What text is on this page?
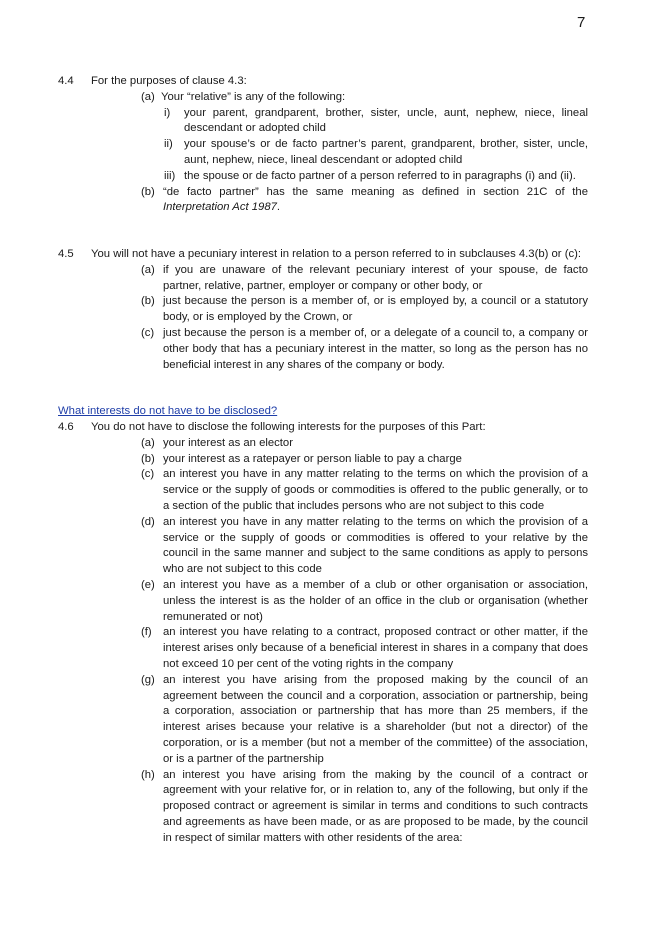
7
4.4	For the purposes of clause 4.3:
(a) Your “relative” is any of the following:
i) your parent, grandparent, brother, sister, uncle, aunt, nephew, niece, lineal descendant or adopted child
ii) your spouse’s or de facto partner’s parent, grandparent, brother, sister, uncle, aunt, nephew, niece, lineal descendant or adopted child
iii) the spouse or de facto partner of a person referred to in paragraphs (i) and (ii).
(b) “de facto partner” has the same meaning as defined in section 21C of the Interpretation Act 1987.
4.5	You will not have a pecuniary interest in relation to a person referred to in subclauses 4.3(b) or (c):
(a) if you are unaware of the relevant pecuniary interest of your spouse, de facto partner, relative, partner, employer or company or other body, or
(b) just because the person is a member of, or is employed by, a council or a statutory body, or is employed by the Crown, or
(c) just because the person is a member of, or a delegate of a council to, a company or other body that has a pecuniary interest in the matter, so long as the person has no beneficial interest in any shares of the company or body.
What interests do not have to be disclosed?
4.6	You do not have to disclose the following interests for the purposes of this Part:
(a) your interest as an elector
(b) your interest as a ratepayer or person liable to pay a charge
(c) an interest you have in any matter relating to the terms on which the provision of a service or the supply of goods or commodities is offered to the public generally, or to a section of the public that includes persons who are not subject to this code
(d) an interest you have in any matter relating to the terms on which the provision of a service or the supply of goods or commodities is offered to your relative by the council in the same manner and subject to the same conditions as apply to persons who are not subject to this code
(e) an interest you have as a member of a club or other organisation or association, unless the interest is as the holder of an office in the club or organisation (whether remunerated or not)
(f) an interest you have relating to a contract, proposed contract or other matter, if the interest arises only because of a beneficial interest in shares in a company that does not exceed 10 per cent of the voting rights in the company
(g) an interest you have arising from the proposed making by the council of an agreement between the council and a corporation, association or partnership, being a corporation, association or partnership that has more than 25 members, if the interest arises because your relative is a shareholder (but not a director) of the corporation, or is a member (but not a member of the committee) of the association, or is a partner of the partnership
(h) an interest you have arising from the making by the council of a contract or agreement with your relative for, or in relation to, any of the following, but only if the proposed contract or agreement is similar in terms and conditions to such contracts and agreements as have been made, or as are proposed to be made, by the council in respect of similar matters with other residents of the area:
